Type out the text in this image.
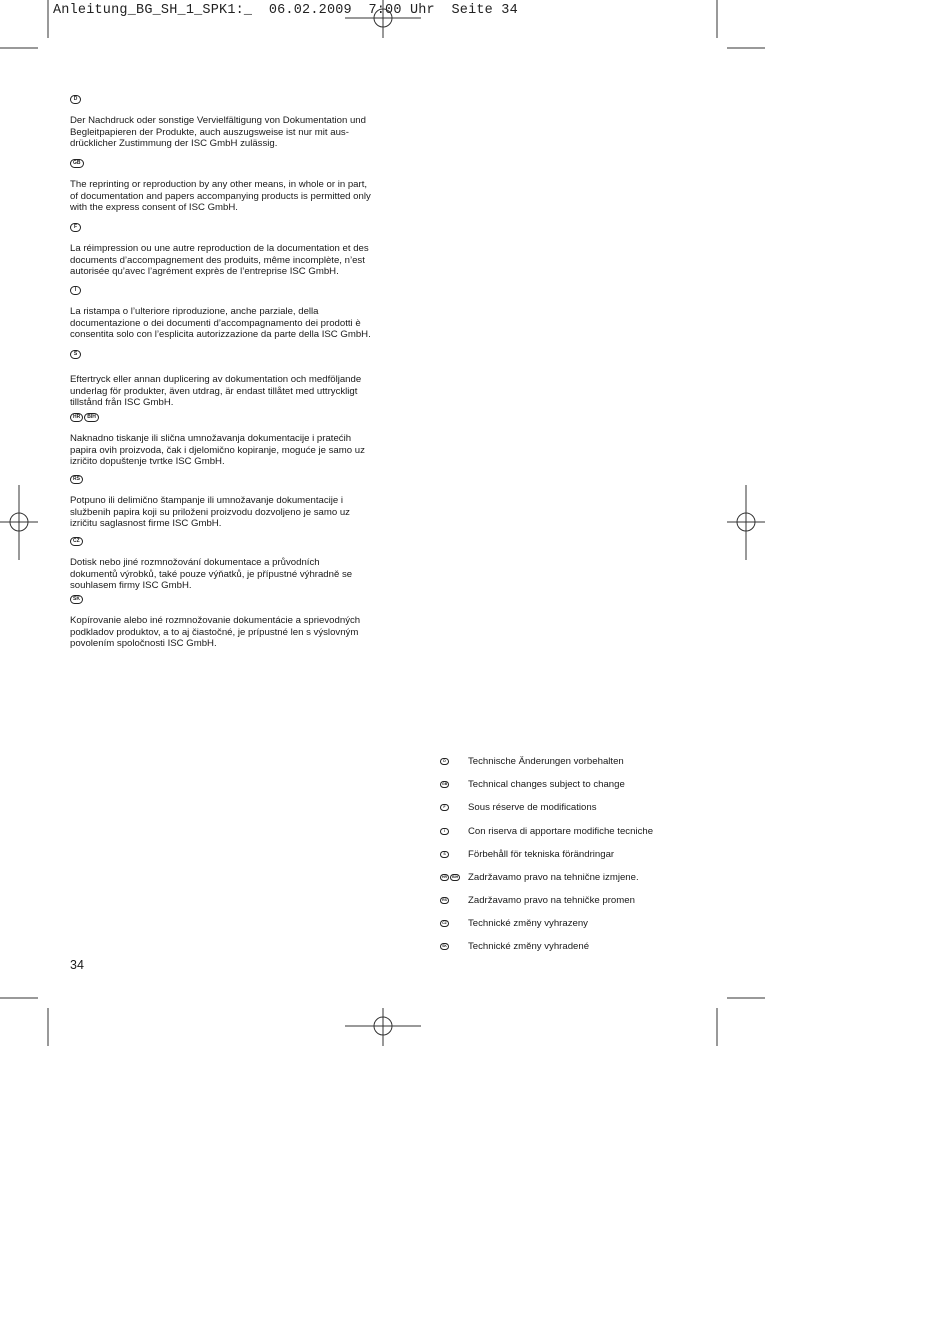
Anleitung_BG_SH_1_SPK1:_  06.02.2009  7:00 Uhr  Seite 34
D
Der Nachdruck oder sonstige Vervielfältigung von Dokumentation und
Begleitpapieren der Produkte, auch auszugsweise ist nur mit aus-
drücklicher Zustimmung der ISC GmbH zulässig.
GB
The reprinting or reproduction by any other means, in whole or in part,
of documentation and papers accompanying products is permitted only
with the express consent of ISC GmbH.
F
La réimpression ou une autre reproduction de la documentation et des
documents d’accompagnement des produits, même incomplète, n’est
autorisée qu’avec l’agrément exprès de l’entreprise ISC GmbH.
I
La ristampa o l’ulteriore riproduzione, anche parziale, della
documentazione o dei documenti d’accompagnamento dei prodotti è
consentita solo con l’esplicita autorizzazione da parte della ISC GmbH.
S
Eftertryck eller annan duplicering av dokumentation och medföljande
underlag för produkter, även utdrag, är endast tillåtet med uttryckligt
tillstånd från ISC GmbH.
HR BIH
Naknadno tiskanje ili slična umnožavanja dokumentacije i pratećih
papira ovih proizvoda, čak i djelomično kopiranje, moguće je samo uz
izričito dopuštenje tvrtke ISC GmbH.
RS
Potpuno ili delimično štampanje ili umnožavanje dokumentacije i
službenih papira koji su priloženi proizvodu dozvoljeno je samo uz
izričitu saglasnost firme ISC GmbH.
CZ
Dotisk nebo jiné rozmnožování dokumentace a průvodních
dokumentů výrobků, také pouze výňatků, je přípustné výhradně se
souhlasem firmy ISC GmbH.
SK
Kopírovanie alebo iné rozmnožovanie dokumentácie a sprievodných
podkladov produktov, a to aj čiastočné, je prípustné len s výslovným
povolením spoločnosti ISC GmbH.
D	Technische Änderungen vorbehalten
GB	Technical changes subject to change
F	Sous réserve de modifications
I	Con riserva di apportare modifiche tecniche
S	Förbehåll för tekniska förändringar
HR BIH	Zadržavamo pravo na tehnične izmjene.
RS	Zadržavamo pravo na tehničke promen
CZ	Technické změny vyhrazeny
SK	Technické zmĕny vyhradené
34
